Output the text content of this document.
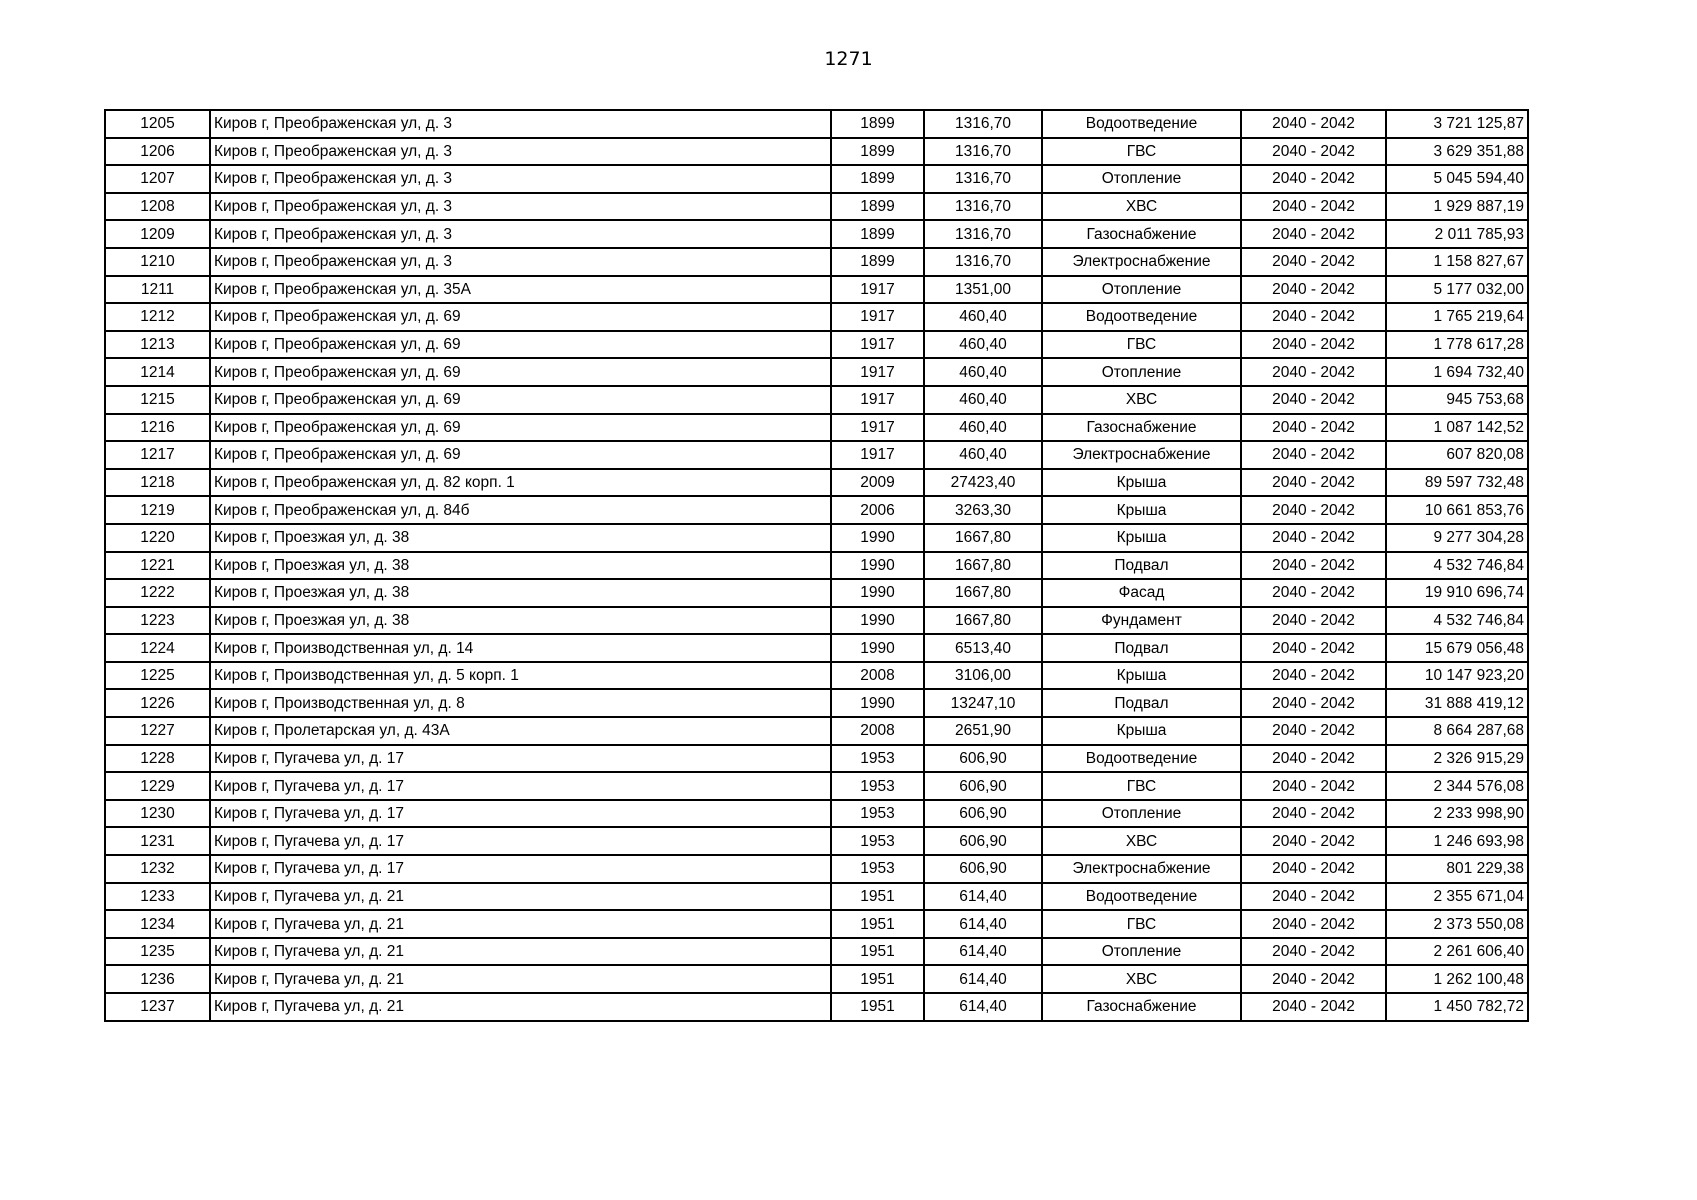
1271
1205	Киров г, Преображенская ул, д. 3	1899	1316,70	Водоотведение	2040 - 2042	3 721 125,87
1206	Киров г, Преображенская ул, д. 3	1899	1316,70	ГВС	2040 - 2042	3 629 351,88
1207	Киров г, Преображенская ул, д. 3	1899	1316,70	Отопление	2040 - 2042	5 045 594,40
1208	Киров г, Преображенская ул, д. 3	1899	1316,70	ХВС	2040 - 2042	1 929 887,19
1209	Киров г, Преображенская ул, д. 3	1899	1316,70	Газоснабжение	2040 - 2042	2 011 785,93
1210	Киров г, Преображенская ул, д. 3	1899	1316,70	Электроснабжение	2040 - 2042	1 158 827,67
1211	Киров г, Преображенская ул, д. 35А	1917	1351,00	Отопление	2040 - 2042	5 177 032,00
1212	Киров г, Преображенская ул, д. 69	1917	460,40	Водоотведение	2040 - 2042	1 765 219,64
1213	Киров г, Преображенская ул, д. 69	1917	460,40	ГВС	2040 - 2042	1 778 617,28
1214	Киров г, Преображенская ул, д. 69	1917	460,40	Отопление	2040 - 2042	1 694 732,40
1215	Киров г, Преображенская ул, д. 69	1917	460,40	ХВС	2040 - 2042	945 753,68
1216	Киров г, Преображенская ул, д. 69	1917	460,40	Газоснабжение	2040 - 2042	1 087 142,52
1217	Киров г, Преображенская ул, д. 69	1917	460,40	Электроснабжение	2040 - 2042	607 820,08
1218	Киров г, Преображенская ул, д. 82 корп. 1	2009	27423,40	Крыша	2040 - 2042	89 597 732,48
1219	Киров г, Преображенская ул, д. 84б	2006	3263,30	Крыша	2040 - 2042	10 661 853,76
1220	Киров г, Проезжая ул, д. 38	1990	1667,80	Крыша	2040 - 2042	9 277 304,28
1221	Киров г, Проезжая ул, д. 38	1990	1667,80	Подвал	2040 - 2042	4 532 746,84
1222	Киров г, Проезжая ул, д. 38	1990	1667,80	Фасад	2040 - 2042	19 910 696,74
1223	Киров г, Проезжая ул, д. 38	1990	1667,80	Фундамент	2040 - 2042	4 532 746,84
1224	Киров г, Производственная ул, д. 14	1990	6513,40	Подвал	2040 - 2042	15 679 056,48
1225	Киров г, Производственная ул, д. 5 корп. 1	2008	3106,00	Крыша	2040 - 2042	10 147 923,20
1226	Киров г, Производственная ул, д. 8	1990	13247,10	Подвал	2040 - 2042	31 888 419,12
1227	Киров г, Пролетарская ул, д. 43А	2008	2651,90	Крыша	2040 - 2042	8 664 287,68
1228	Киров г, Пугачева ул, д. 17	1953	606,90	Водоотведение	2040 - 2042	2 326 915,29
1229	Киров г, Пугачева ул, д. 17	1953	606,90	ГВС	2040 - 2042	2 344 576,08
1230	Киров г, Пугачева ул, д. 17	1953	606,90	Отопление	2040 - 2042	2 233 998,90
1231	Киров г, Пугачева ул, д. 17	1953	606,90	ХВС	2040 - 2042	1 246 693,98
1232	Киров г, Пугачева ул, д. 17	1953	606,90	Электроснабжение	2040 - 2042	801 229,38
1233	Киров г, Пугачева ул, д. 21	1951	614,40	Водоотведение	2040 - 2042	2 355 671,04
1234	Киров г, Пугачева ул, д. 21	1951	614,40	ГВС	2040 - 2042	2 373 550,08
1235	Киров г, Пугачева ул, д. 21	1951	614,40	Отопление	2040 - 2042	2 261 606,40
1236	Киров г, Пугачева ул, д. 21	1951	614,40	ХВС	2040 - 2042	1 262 100,48
1237	Киров г, Пугачева ул, д. 21	1951	614,40	Газоснабжение	2040 - 2042	1 450 782,72
